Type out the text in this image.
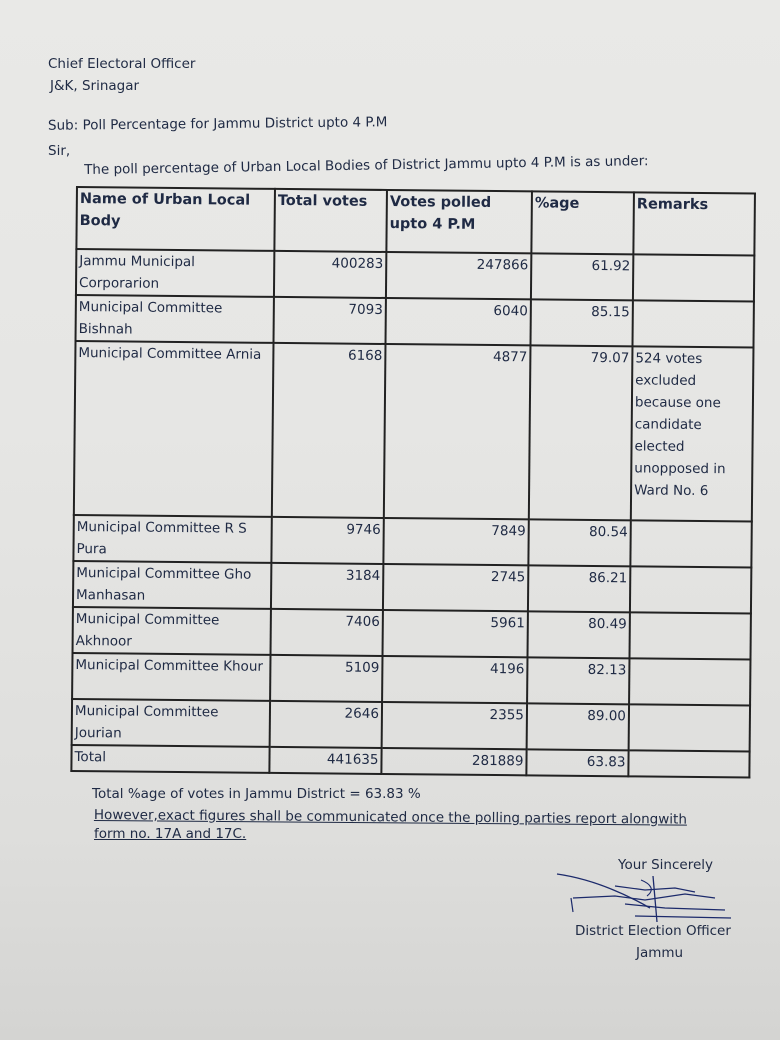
Chief Electoral Officer
J&K, Srinagar
Sub: Poll Percentage for Jammu District upto 4 P.M
Sir,
The poll percentage of Urban Local Bodies of District Jammu upto 4 P.M is as under:
Name of Urban Local Body	Total votes	Votes polled upto 4 P.M	%age	Remarks
Jammu Municipal Corporarion	400283	247866	61.92	
Municipal Committee Bishnah	7093	6040	85.15	
Municipal Committee Arnia	6168	4877	79.07	524 votes excluded because one candidate elected unopposed in Ward No. 6
Municipal Committee R S Pura	9746	7849	80.54	
Municipal Committee Gho Manhasan	3184	2745	86.21	
Municipal Committee Akhnoor	7406	5961	80.49	
Municipal Committee Khour	5109	4196	82.13	
Municipal Committee Jourian	2646	2355	89.00	
Total	441635	281889	63.83	
Total %age of votes in Jammu District = 63.83 %
However,exact figures shall be communicated once the polling parties report alongwith
form no. 17A and 17C.
Your Sincerely
District Election Officer
Jammu
